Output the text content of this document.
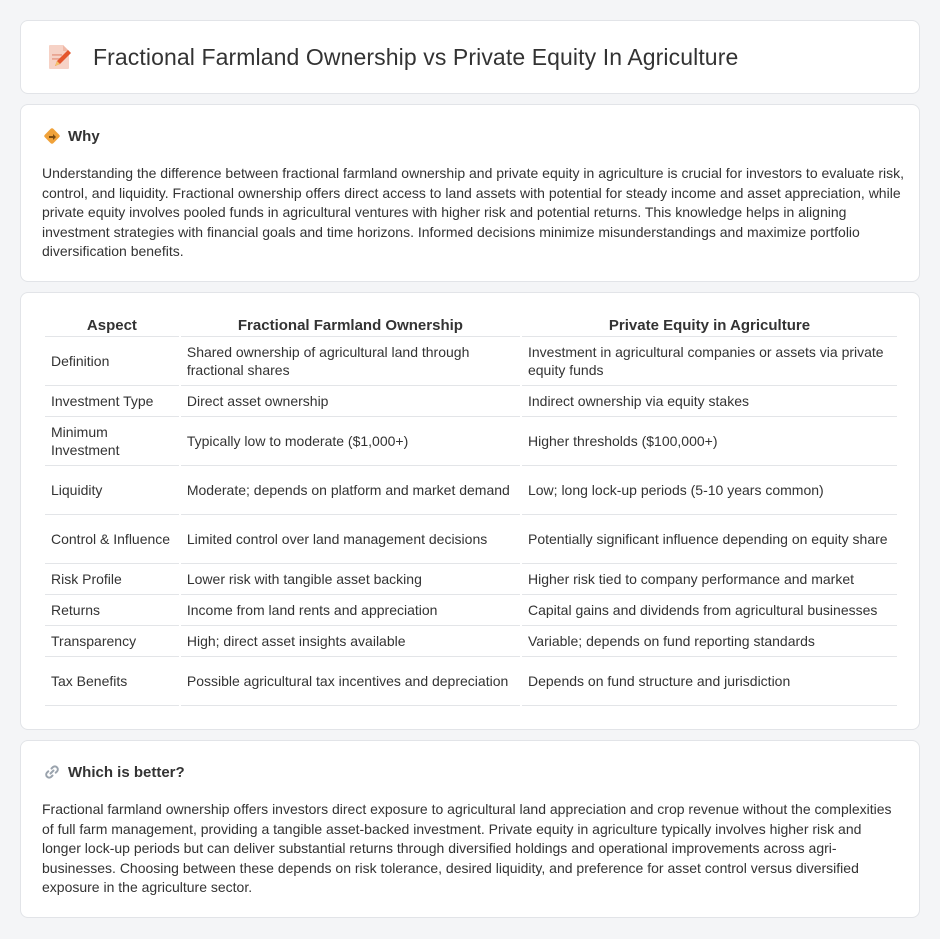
Fractional Farmland Ownership vs Private Equity In Agriculture
Why

Understanding the difference between fractional farmland ownership and private equity in agriculture is crucial for investors to evaluate risk, control, and liquidity. Fractional ownership offers direct access to land assets with potential for steady income and asset appreciation, while private equity involves pooled funds in agricultural ventures with higher risk and potential returns. This knowledge helps in aligning investment strategies with financial goals and time horizons. Informed decisions minimize misunderstandings and maximize portfolio diversification benefits.

Aspect	Fractional Farmland Ownership	Private Equity in Agriculture
Definition	Shared ownership of agricultural land through fractional shares	Investment in agricultural companies or assets via private equity funds
Investment Type	Direct asset ownership	Indirect ownership via equity stakes
Minimum Investment	Typically low to moderate ($1,000+)	Higher thresholds ($100,000+)
Liquidity	Moderate; depends on platform and market demand	Low; long lock-up periods (5-10 years common)
Control & Influence	Limited control over land management decisions	Potentially significant influence depending on equity share
Risk Profile	Lower risk with tangible asset backing	Higher risk tied to company performance and market
Returns	Income from land rents and appreciation	Capital gains and dividends from agricultural businesses
Transparency	High; direct asset insights available	Variable; depends on fund reporting standards
Tax Benefits	Possible agricultural tax incentives and depreciation	Depends on fund structure and jurisdiction
Which is better?

Fractional farmland ownership offers investors direct exposure to agricultural land appreciation and crop revenue without the complexities of full farm management, providing a tangible asset-backed investment. Private equity in agriculture typically involves higher risk and longer lock-up periods but can deliver substantial returns through diversified holdings and operational improvements across agri-businesses. Choosing between these depends on risk tolerance, desired liquidity, and preference for asset control versus diversified exposure in the agriculture sector.
